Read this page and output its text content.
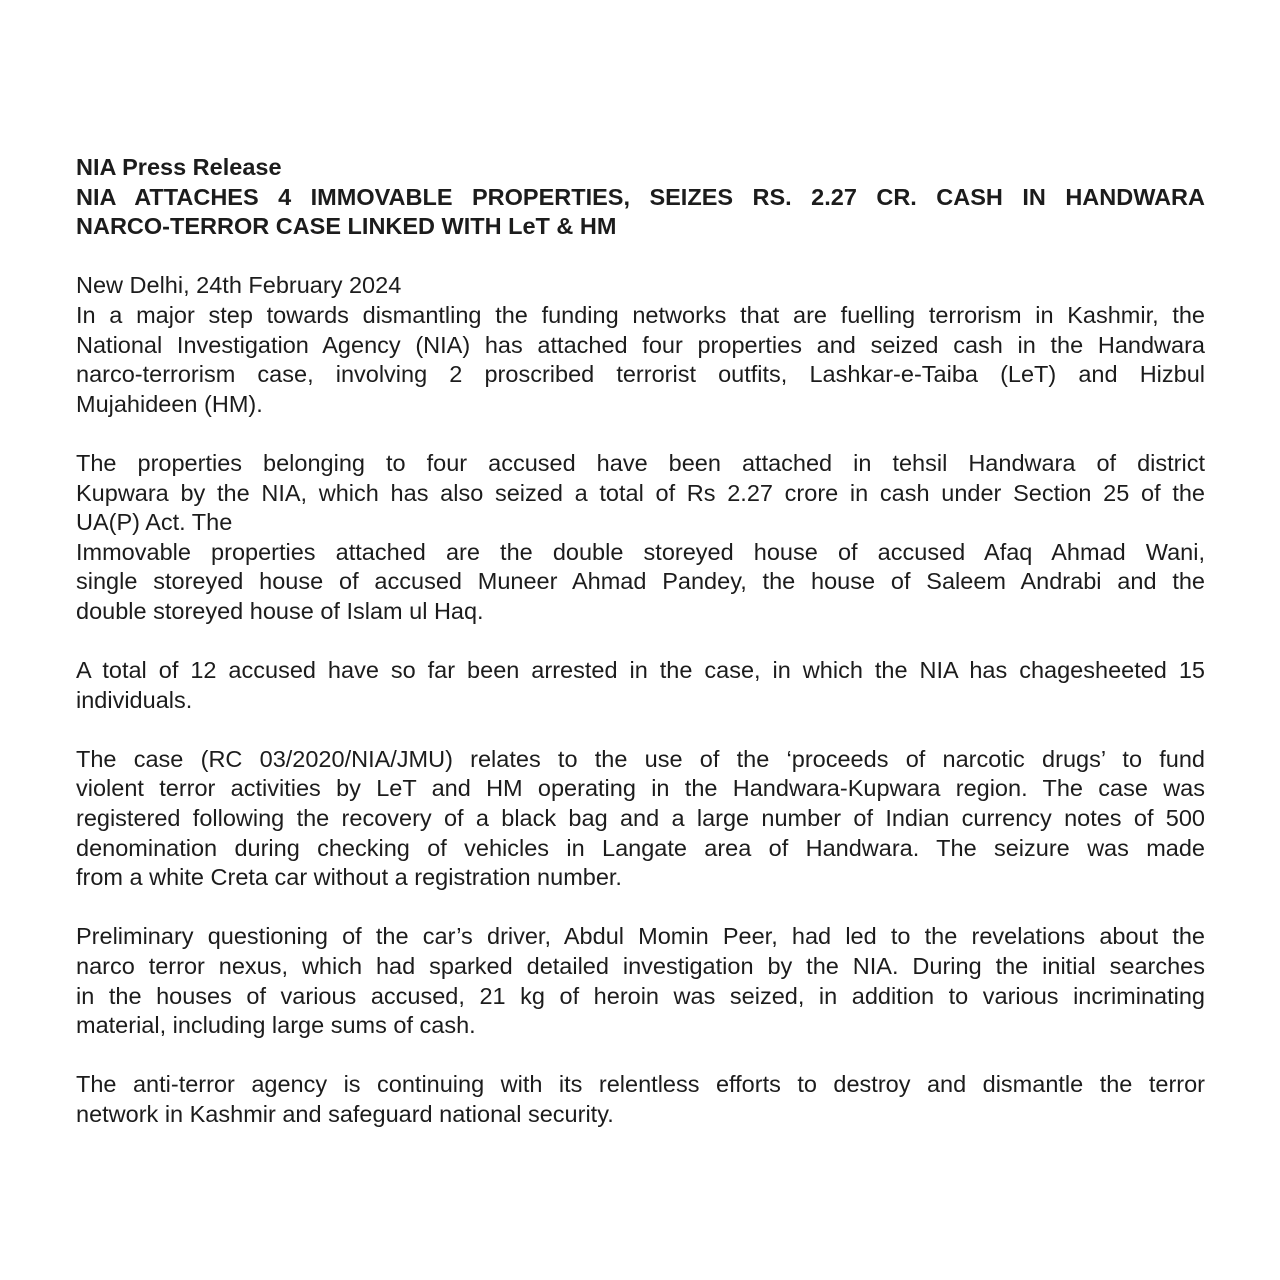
NIA Press Release
NIA ATTACHES 4 IMMOVABLE PROPERTIES, SEIZES RS. 2.27 CR. CASH IN HANDWARA
NARCO-TERROR CASE LINKED WITH LeT & HM
New Delhi, 24th February 2024
In a major step towards dismantling the funding networks that are fuelling terrorism in Kashmir, the
National Investigation Agency (NIA) has attached four properties and seized cash in the Handwara
narco-terrorism case, involving 2 proscribed terrorist outfits, Lashkar-e-Taiba (LeT) and Hizbul
Mujahideen (HM).
The properties belonging to four accused have been attached in tehsil Handwara of district
Kupwara by the NIA, which has also seized a total of Rs 2.27 crore in cash under Section 25 of the
UA(P) Act. The
Immovable properties attached are the double storeyed house of accused Afaq Ahmad Wani,
single storeyed house of accused Muneer Ahmad Pandey, the house of Saleem Andrabi and the
double storeyed house of Islam ul Haq.
A total of 12 accused have so far been arrested in the case, in which the NIA has chagesheeted 15
individuals.
The case (RC 03/2020/NIA/JMU) relates to the use of the ‘proceeds of narcotic drugs’ to fund
violent terror activities by LeT and HM operating in the Handwara-Kupwara region. The case was
registered following the recovery of a black bag and a large number of Indian currency notes of 500
denomination during checking of vehicles in Langate area of Handwara. The seizure was made
from a white Creta car without a registration number.
Preliminary questioning of the car’s driver, Abdul Momin Peer, had led to the revelations about the
narco terror nexus, which had sparked detailed investigation by the NIA. During the initial searches
in the houses of various accused, 21 kg of heroin was seized, in addition to various incriminating
material, including large sums of cash.
The anti-terror agency is continuing with its relentless efforts to destroy and dismantle the terror
network in Kashmir and safeguard national security.
